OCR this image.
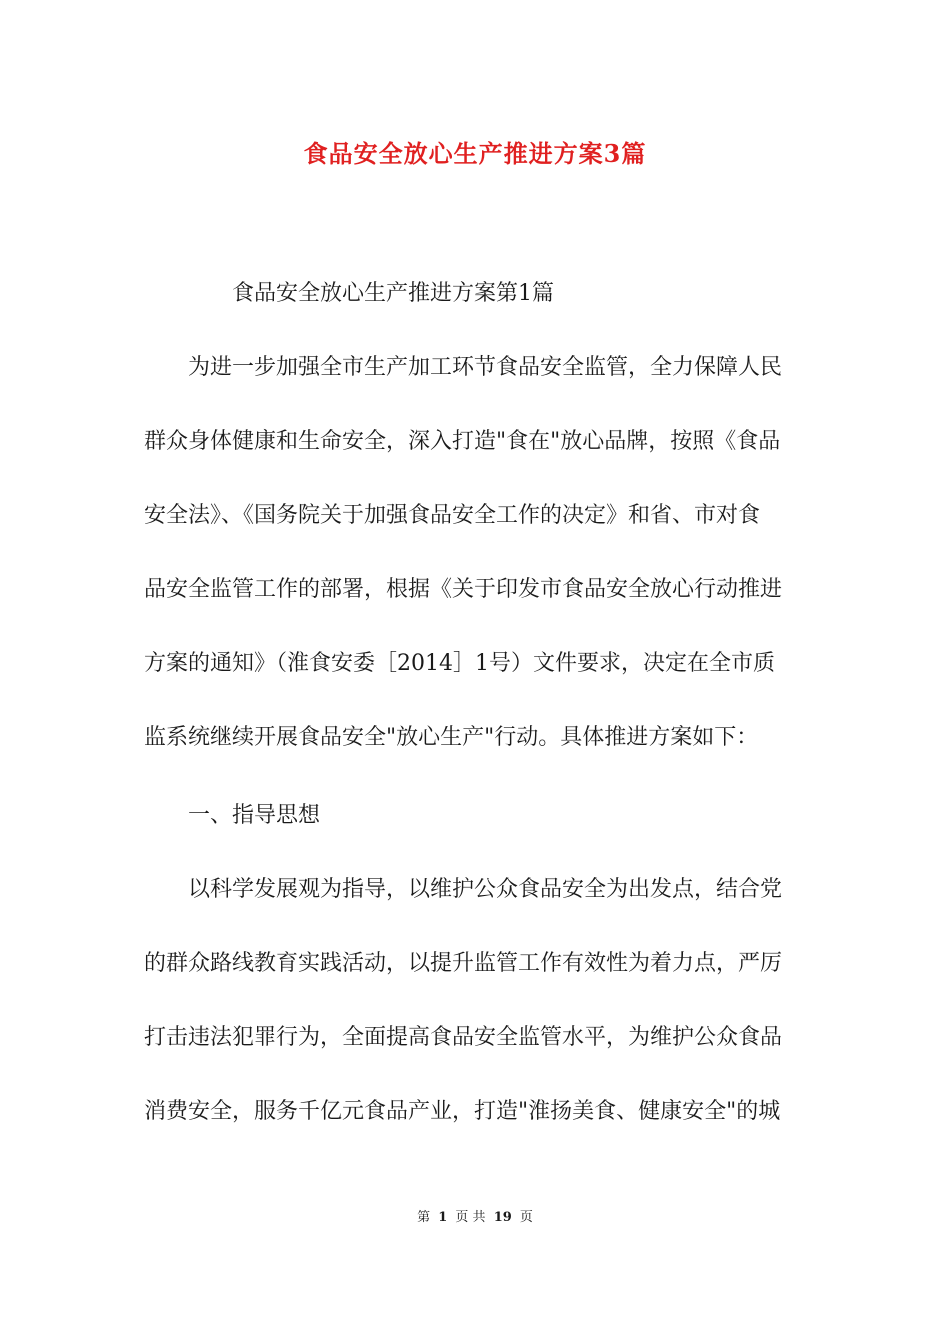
食品安全放心生产推进方案3篇
食品安全放心生产推进方案第1篇
为进一步加强全市生产加工环节食品安全监管，全力保障人民
群众身体健康和生命安全，深入打造"食在"放心品牌，按照《食品
安全法》、《国务院关于加强食品安全工作的决定》和省、市对食
品安全监管工作的部署，根据《关于印发市食品安全放心行动推进
方案的通知》（淮食安委［2014］1号）文件要求，决定在全市质
监系统继续开展食品安全"放心生产"行动。具体推进方案如下：
一、指导思想
以科学发展观为指导，以维护公众食品安全为出发点，结合党
的群众路线教育实践活动，以提升监管工作有效性为着力点，严厉
打击违法犯罪行为，全面提高食品安全监管水平，为维护公众食品
消费安全，服务千亿元食品产业，打造"淮扬美食、健康安全"的城
第 1 页 共 19 页
